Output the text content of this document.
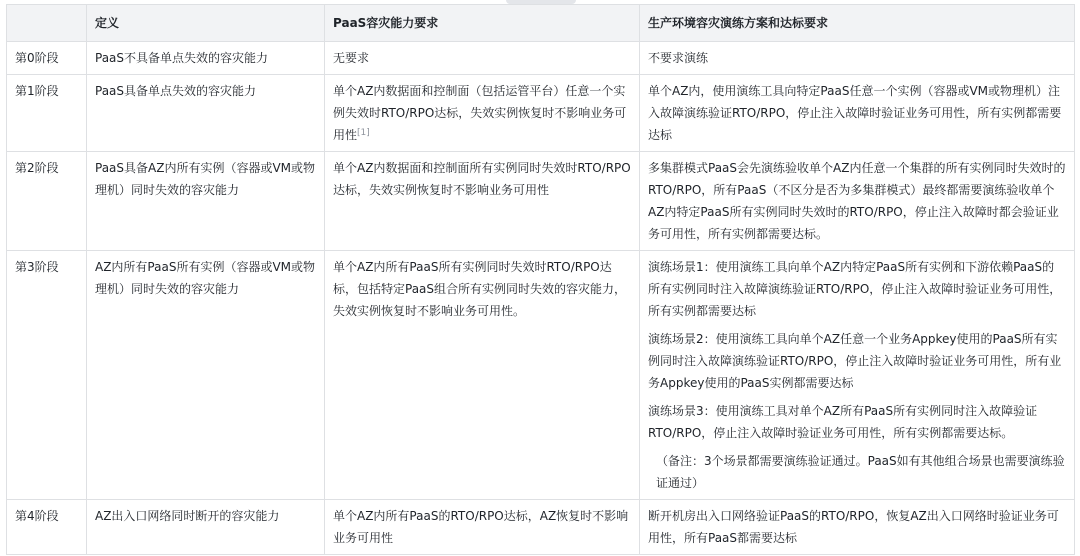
	定义	PaaS容灾能力要求	生产环境容灾演练方案和达标要求
第0阶段	PaaS不具备单点失效的容灾能力	无要求	不要求演练

第1阶段	PaaS具备单点失效的容灾能力	单个AZ内数据面和控制面（包括运管平台）任意一个实例失效时RTO/RPO达标，失效实例恢复时不影响业务可用性[1]	单个AZ内，使用演练工具向特定PaaS任意一个实例（容器或VM或物理机）注入故障演练验证RTO/RPO，停止注入故障时验证业务可用性，所有实例都需要达标

第2阶段	PaaS具备AZ内所有实例（容器或VM或物理机）同时失效的容灾能力	单个AZ内数据面和控制面所有实例同时失效时RTO/RPO达标，失效实例恢复时不影响业务可用性	多集群模式PaaS会先演练验收单个AZ内任意一个集群的所有实例同时失效时的RTO/RPO，所有PaaS（不区分是否为多集群模式）最终都需要演练验收单个AZ内特定PaaS所有实例同时失效时的RTO/RPO，停止注入故障时都会验证业务可用性，所有实例都需要达标。

第3阶段	AZ内所有PaaS所有实例（容器或VM或物理机）同时失效的容灾能力	单个AZ内所有PaaS所有实例同时失效时RTO/RPO达标，包括特定PaaS组合所有实例同时失效的容灾能力，失效实例恢复时不影响业务可用性。	演练场景1：使用演练工具向单个AZ内特定PaaS所有实例和下游依赖PaaS的所有实例同时注入故障演练验证RTO/RPO，停止注入故障时验证业务可用性，所有实例都需要达标

演练场景2：使用演练工具向单个AZ任意一个业务Appkey使用的PaaS所有实例同时注入故障演练验证RTO/RPO，停止注入故障时验证业务可用性，所有业务Appkey使用的PaaS实例都需要达标

演练场景3：使用演练工具对单个AZ所有PaaS所有实例同时注入故障验证RTO/RPO，停止注入故障时验证业务可用性，所有实例都需要达标。

（备注：3个场景都需要演练验证通过。PaaS如有其他组合场景也需要演练验证通过）

第4阶段	AZ出入口网络同时断开的容灾能力	单个AZ内所有PaaS的RTO/RPO达标，AZ恢复时不影响业务可用性	断开机房出入口网络验证PaaS的RTO/RPO，恢复AZ出入口网络时验证业务可用性，所有PaaS都需要达标
